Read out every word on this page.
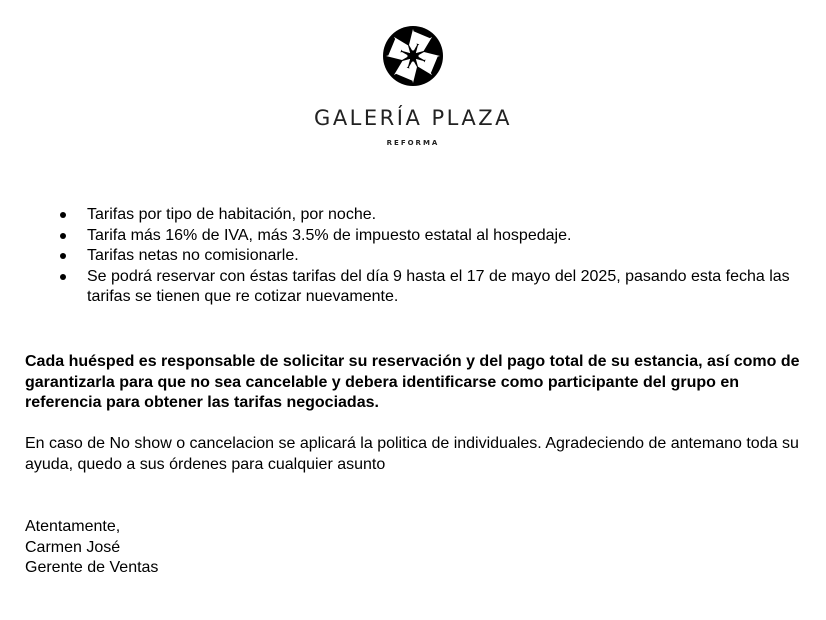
GALERÍA PLAZA
REFORMA
Tarifas por tipo de habitación, por noche.
Tarifa más 16% de IVA, más 3.5% de impuesto estatal al hospedaje.
Tarifas netas no comisionarle.
Se podrá reservar con éstas tarifas del día 9 hasta el 17 de mayo del 2025, pasando esta fecha las tarifas se tienen que re cotizar nuevamente.

Cada huésped es responsable de solicitar su reservación y del pago total de su estancia, así como de garantizarla para que no sea cancelable y debera identificarse como participante del grupo en referencia para obtener las tarifas negociadas.

En caso de No show o cancelacion se aplicará la politica de individuales. Agradeciendo de antemano toda su ayuda, quedo a sus órdenes para cualquier asunto

Atentamente,
Carmen José
Gerente de Ventas
